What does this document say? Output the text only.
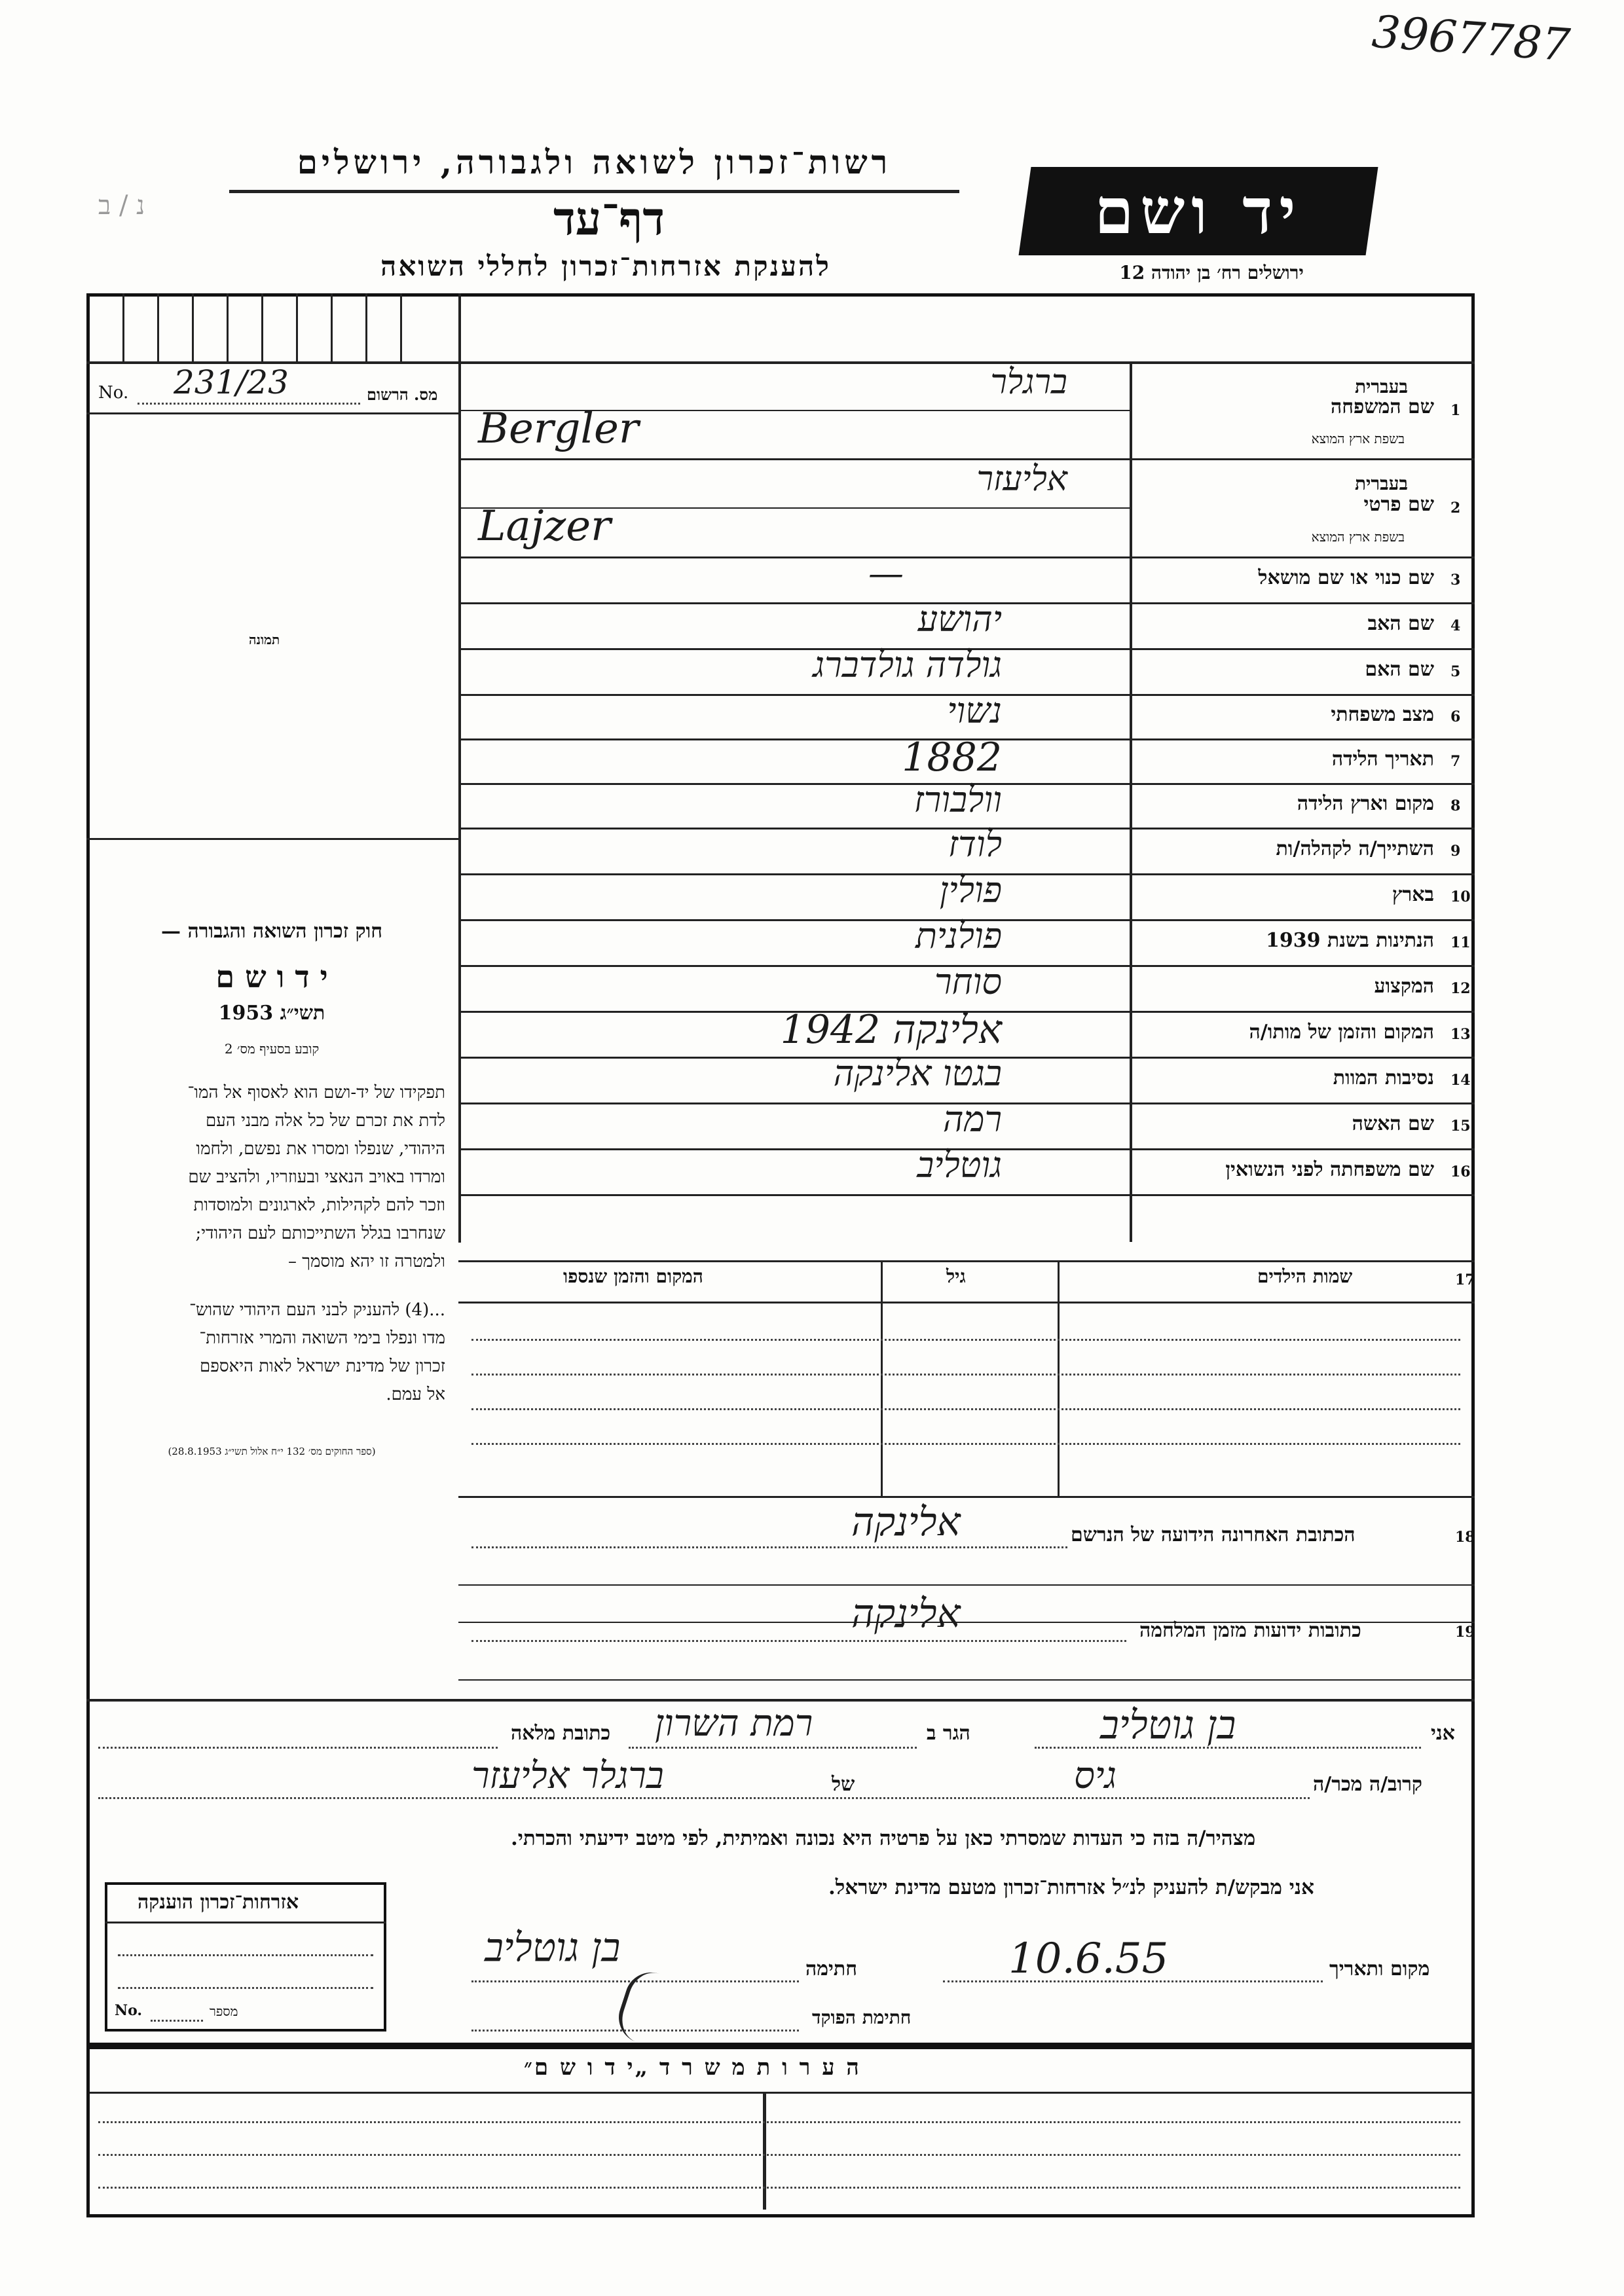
3967787
נ / ב
רשות־זכרון לשואה ולגבורה, ירושלים
דף־עד
להענקת אזרחות־זכרון לחללי השואה
יד ושם
ירושלים רח׳ בן יהודה 12
No. 231/23	מס. הרשום
תמונה
חוק זכרון השואה והגבורה —
י ד ו ש ם
תשי״ג 1953
קובע בסעיף מס׳ 2
תפקידו של יד-ושם הוא לאסוף אל המו־
לדת את זכרם של כל אלה מבני העם
היהודי, שנפלו ומסרו את נפשם, ולחמו
ומרדו באויב הנאצי ובעוזריו, ולהציב שם
וזכר להם לקהילות, לארגונים ולמוסדות
שנחרבו בגלל השתייכותם לעם היהודי;
ולמטרה זו יהא מוסמך –
...(4) להעניק לבני העם היהודי שהוש־
מדו ונפלו בימי השואה והמרי אזרחות־
זכרון של מדינת ישראל לאות היאספם
אל עמם.
(ספר החוקים מס׳ 132 י״ח אלול תשי״ג 28.8.1953)
1
שם המשפחה
בעברית
בשפת ארץ המוצא
ברגלר
Bergler
2
שם פרטי
בעברית
בשפת ארץ המוצא
אליעזר
Lajzer
3
שם כנוי או שם מושאל
—
4
שם האב
יהושע
5
שם האם
גולדה גולדברג
6
מצב משפחתי
נשוי
7
תאריך הלידה
1882
8
מקום וארץ הלידה
וולבורז
9
השתייך/ה לקהלה/ות
לודז
10
בארץ
פולין
11
הנתינות בשנת 1939
פולנית
12
המקצוע
סוחר
13
המקום והזמן של מותו/ה
אלינקה 1942
14
נסיבות המוות
בגטו אלינקה
15
שם האשה
רמה
16
שם משפחתה לפני הנשואין
גוטליב
שמות הילדים	17
גיל
המקום והזמן שנספו
אלינקה	הכתובת האחרונה הידועה של הנרשם	18
אלינקה	כתובות ידועות מזמן המלחמה	19
אני
בן גוטליב
הגר ב
רמת השרון
כתובת מלאה
קרוב/ה מכר/ה
גיס
של
ברגלר אליעזר
מצהיר/ה בזה כי העדות שמסרתי כאן על פרטיה היא נכונה ואמיתית, לפי מיטב ידיעתי והכרתי.
אני מבקש/ת להעניק לנ״ל אזרחות־זכרון מטעם מדינת ישראל.
מקום ותאריך
10.6.55
חתימה
בן גוטליב
חתימת הפוקד
אזרחות־זכרון הוענקה
No.	מספר
ה ע ר ו ת מ ש ר ד „י ד ו ש ם״
